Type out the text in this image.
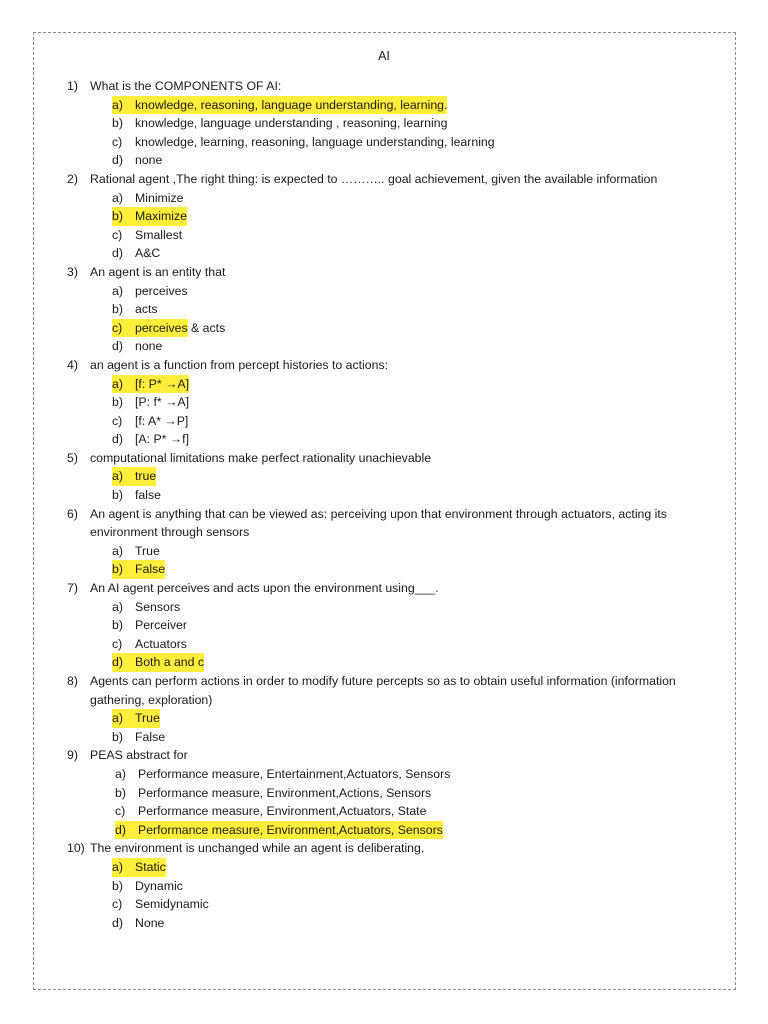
AI
1) What is the COMPONENTS OF AI:
a) knowledge, reasoning, language understanding, learning.
b) knowledge, language understanding , reasoning, learning
c)	knowledge, learning, reasoning, language understanding, learning
d) none
2) Rational agent ,The right thing: is expected to ……….. goal achievement, given the available information
a) Minimize
b) Maximize
c)	Smallest
d) A&C
3) An agent is an entity that
a) perceives
b) acts
c)	perceives & acts
d) none
4) an agent is a function from percept histories to actions:
a) [f: P* →A]
b) [P: f* →A]
c)	[f: A* →P]
d) [A: P* →f]
5) computational limitations make perfect rationality unachievable
a) true
b) false
6) An agent is anything that can be viewed as: perceiving upon that environment through actuators, acting its environment through sensors
a) True
b) False
7) An AI agent perceives and acts upon the environment using___.
a) Sensors
b) Perceiver
c)	Actuators
d) Both a and c
8) Agents can perform actions in order to modify future percepts so as to obtain useful information (information gathering, exploration)
a) True
b) False
9) PEAS abstract for
a) Performance measure, Entertainment,Actuators, Sensors
b) Performance measure, Environment,Actions, Sensors
c)	Performance measure, Environment,Actuators, State
d) Performance measure, Environment,Actuators, Sensors
10) The environment is unchanged while an agent is deliberating.
a) Static
b) Dynamic
c)	Semidynamic
d) None
